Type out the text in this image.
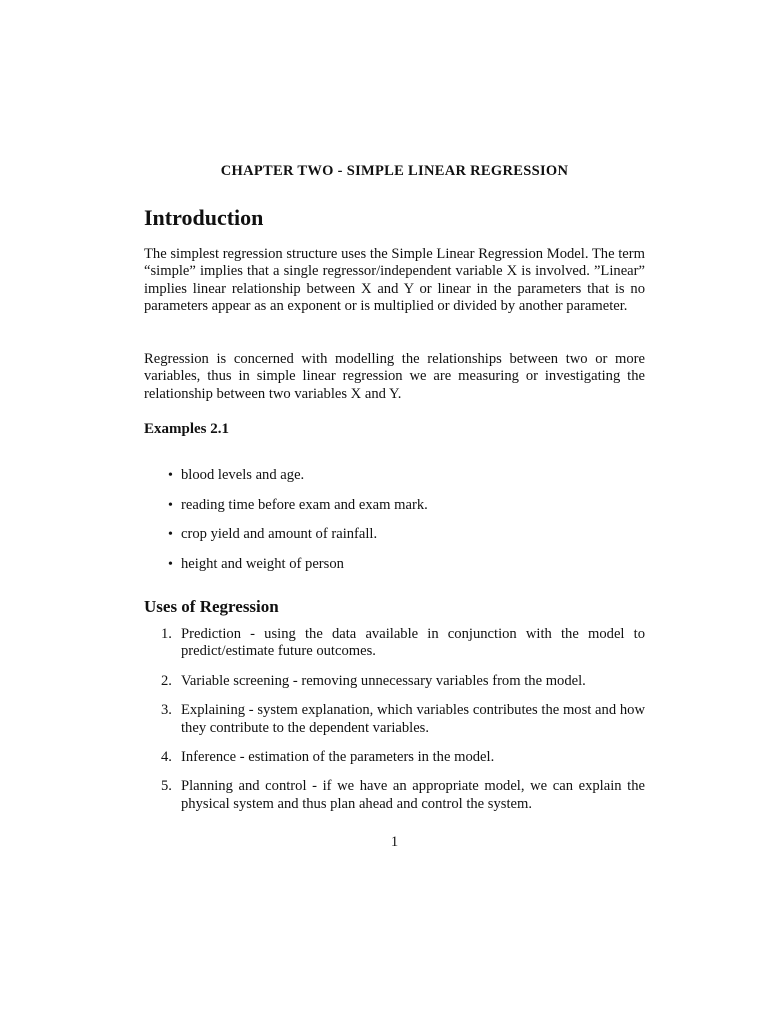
CHAPTER TWO - SIMPLE LINEAR REGRESSION
Introduction
The simplest regression structure uses the Simple Linear Regression Model. The term “simple” implies that a single regressor/independent variable X is involved. ”Linear” implies linear relationship between X and Y or linear in the parameters that is no parameters appear as an exponent or is multiplied or divided by another parameter.
Regression is concerned with modelling the relationships between two or more variables, thus in simple linear regression we are measuring or investigating the relationship between two variables X and Y.
Examples 2.1
• blood levels and age.
• reading time before exam and exam mark.
• crop yield and amount of rainfall.
• height and weight of person
Uses of Regression
1. Prediction - using the data available in conjunction with the model to predict/estimate future outcomes.
2. Variable screening - removing unnecessary variables from the model.
3. Explaining - system explanation, which variables contributes the most and how they contribute to the dependent variables.
4. Inference - estimation of the parameters in the model.
5. Planning and control - if we have an appropriate model, we can explain the physical system and thus plan ahead and control the system.
1
